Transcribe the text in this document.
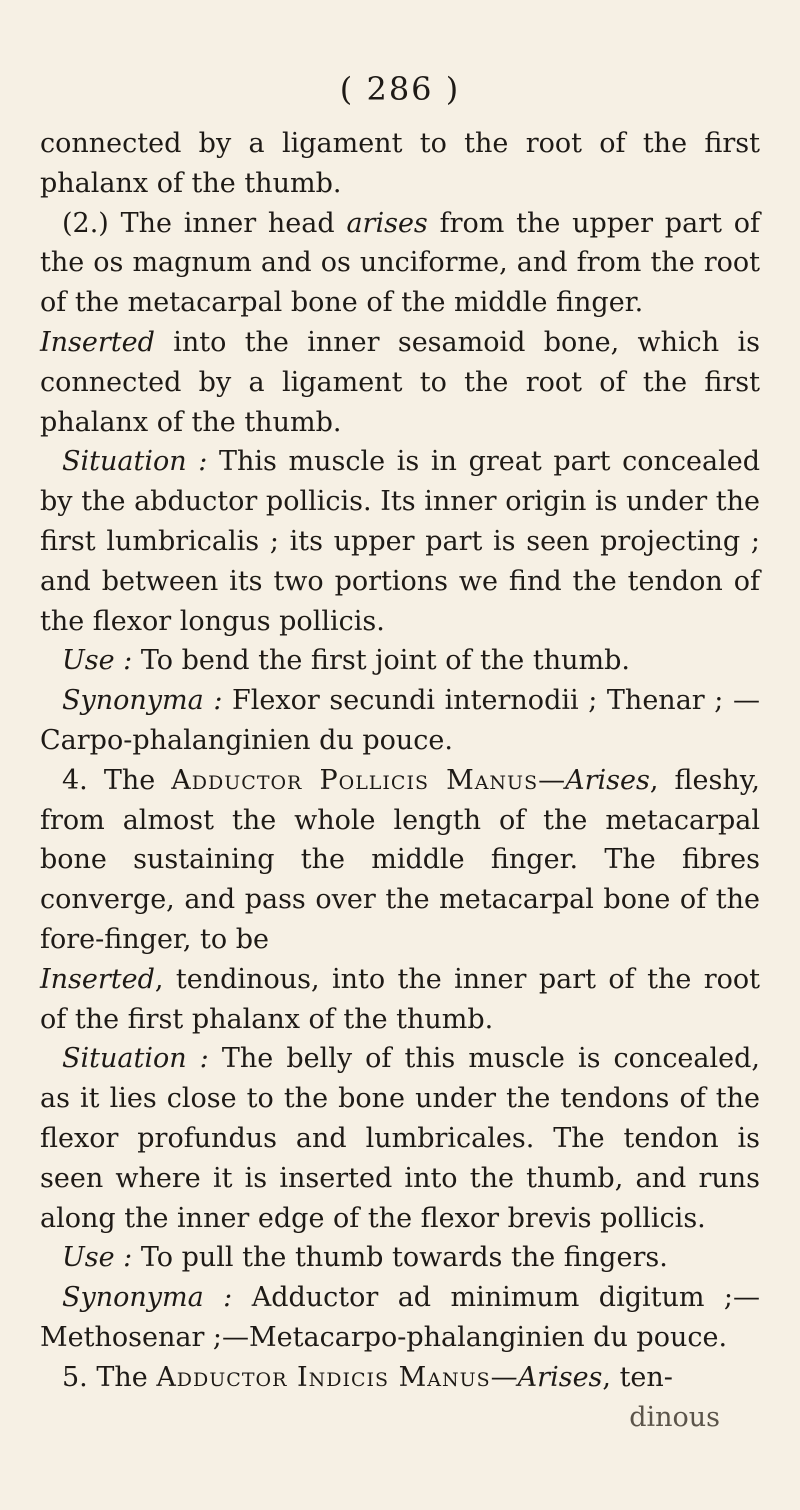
( 286 )

connected by a ligament to the root of the first phalanx of the thumb.

(2.) The inner head arises from the upper part of the os magnum and os unciforme, and from the root of the metacarpal bone of the middle finger.

Inserted into the inner sesamoid bone, which is connected by a ligament to the root of the first phalanx of the thumb.

Situation : This muscle is in great part concealed by the abductor pollicis. Its inner origin is under the first lumbricalis ; its upper part is seen projecting ; and between its two portions we find the tendon of the flexor longus pollicis.

Use : To bend the first joint of the thumb.

Synonyma : Flexor secundi internodii ; Thenar ; —Carpo-phalanginien du pouce.

4. The Adductor Pollicis Manus—Arises, fleshy, from almost the whole length of the metacarpal bone sustaining the middle finger. The fibres converge, and pass over the metacarpal bone of the fore-finger, to be

Inserted, tendinous, into the inner part of the root of the first phalanx of the thumb.

Situation : The belly of this muscle is concealed, as it lies close to the bone under the tendons of the flexor profundus and lumbricales. The tendon is seen where it is inserted into the thumb, and runs along the inner edge of the flexor brevis pollicis.

Use : To pull the thumb towards the fingers.

Synonyma : Adductor ad minimum digitum ;—Methosenar ;—Metacarpo-phalanginien du pouce.

5. The Adductor Indicis Manus—Arises, ten-

dinous
